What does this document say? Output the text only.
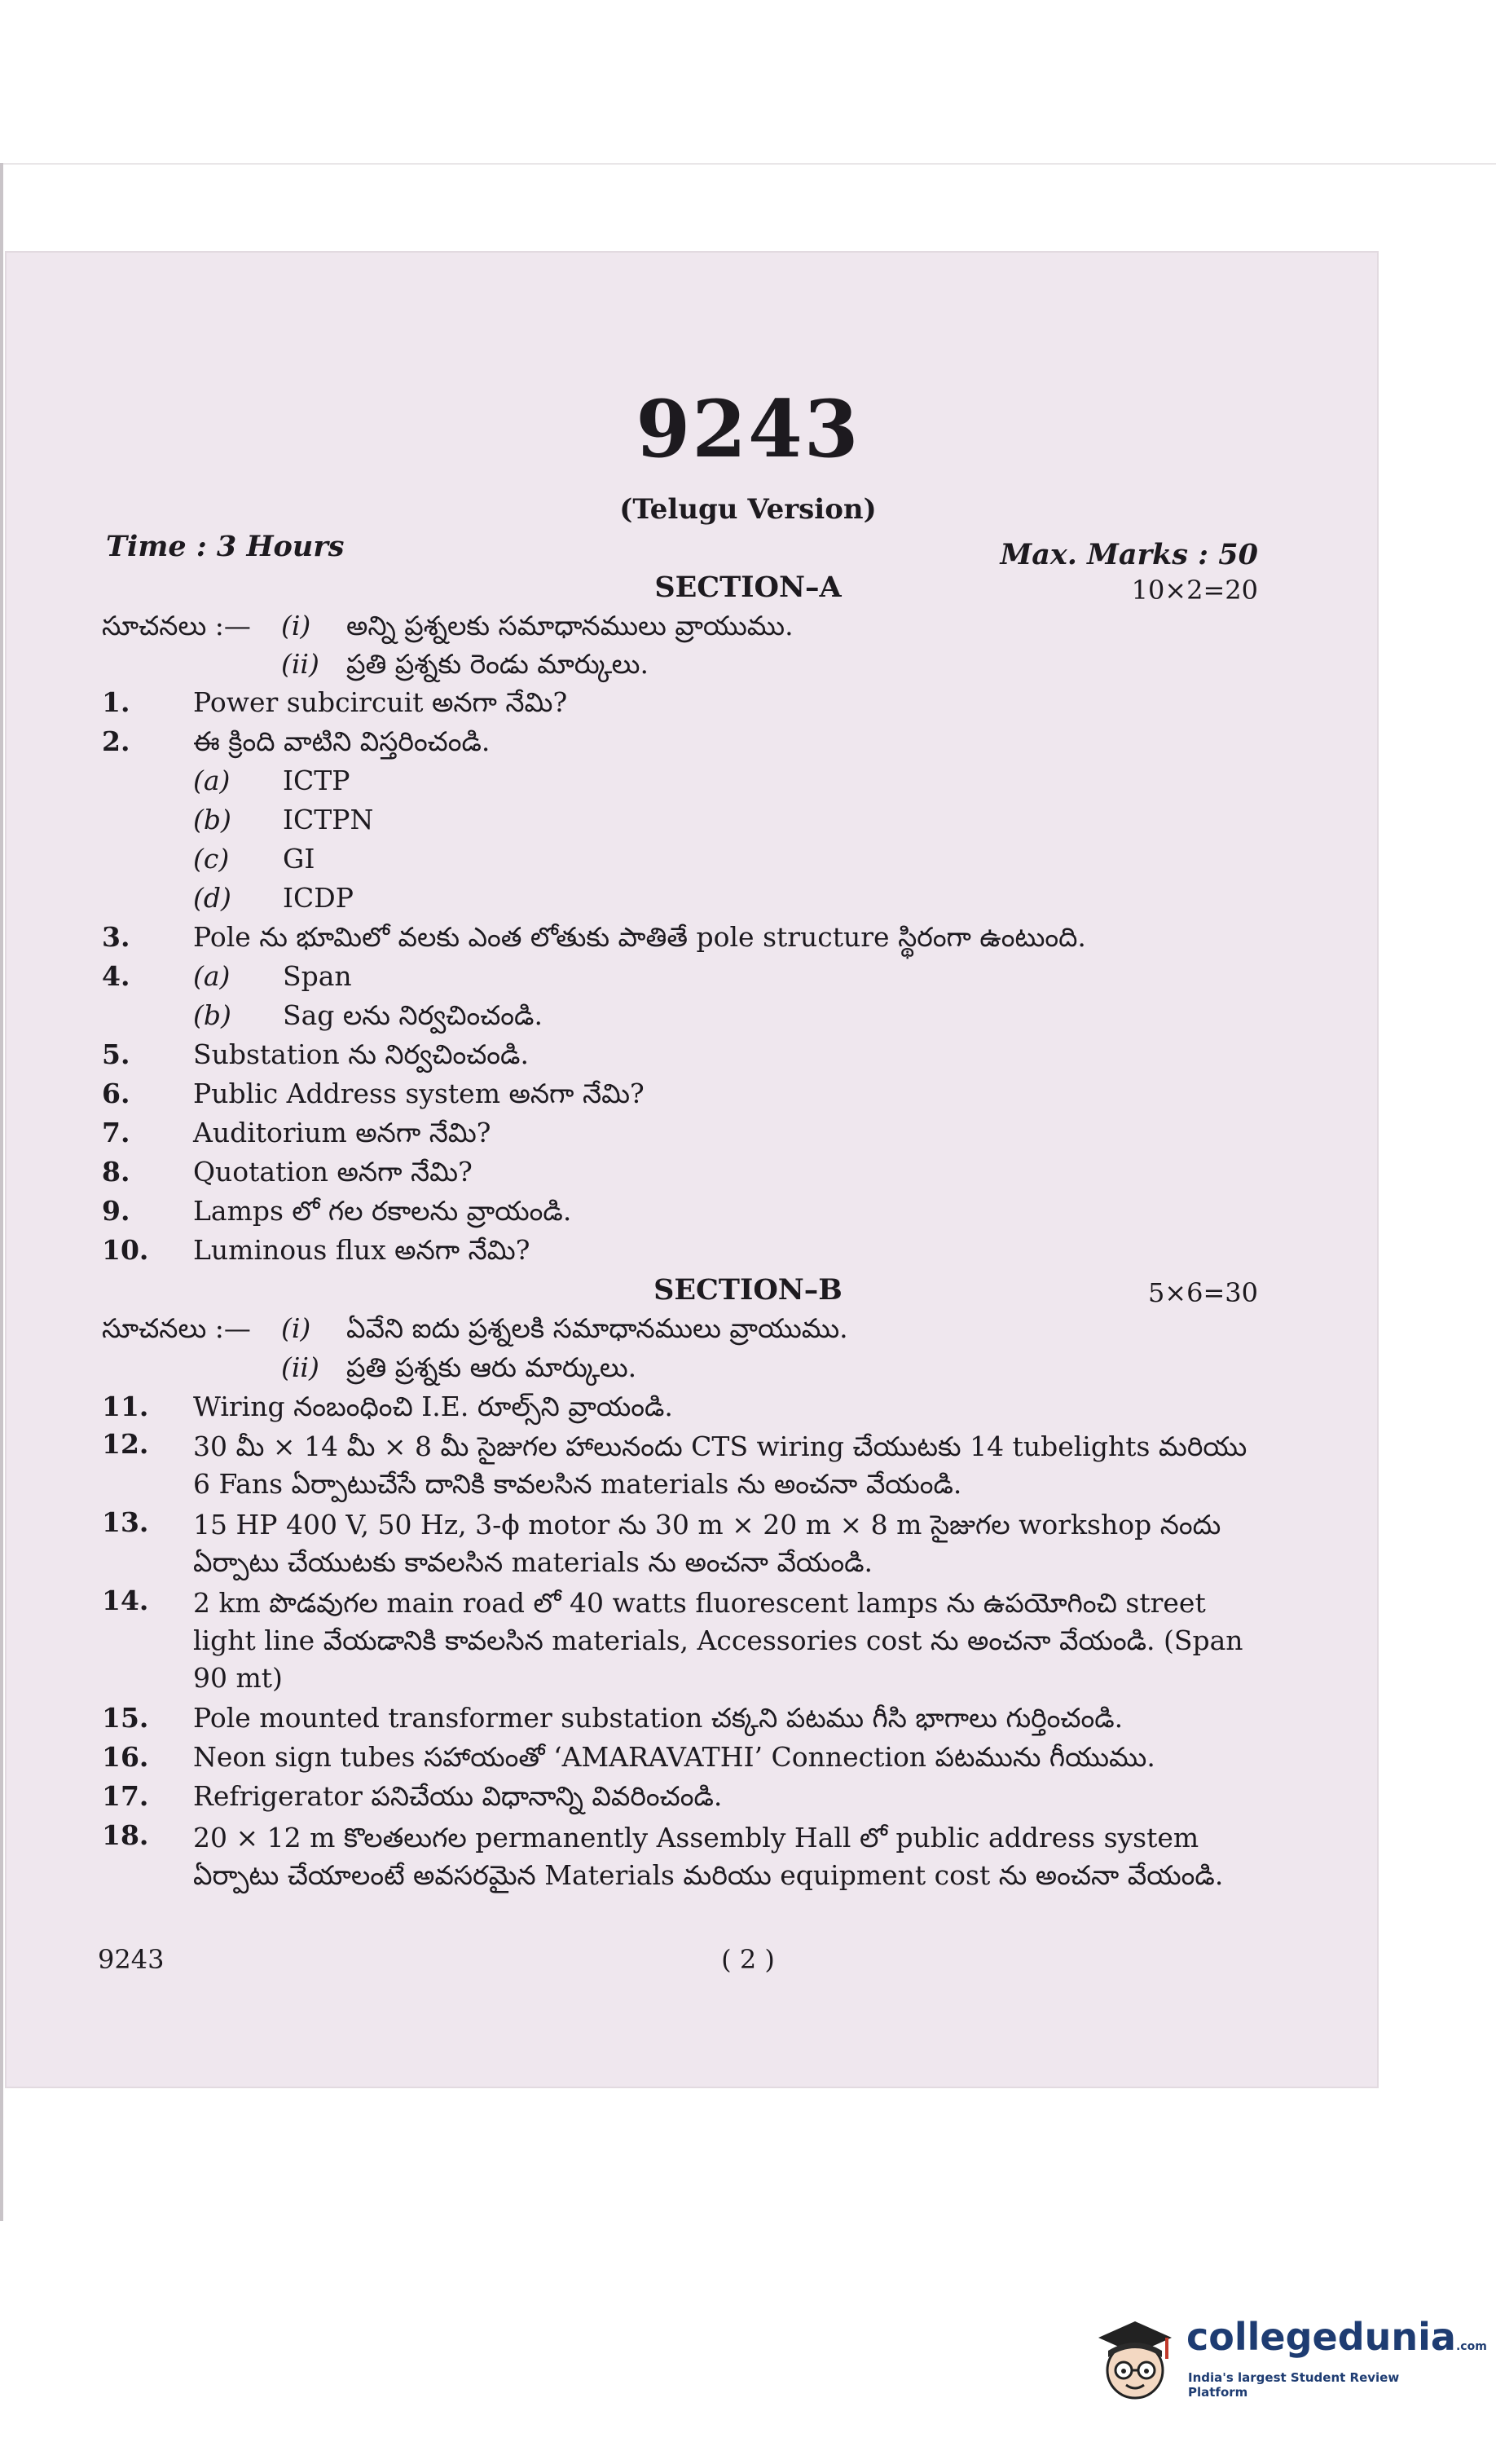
9243
(Telugu Version)
Time : 3 Hours	Max. Marks : 50
SECTION–A	10×2=20
సూచనలు :— (i) అన్ని ప్రశ్నలకు సమాధానములు వ్రాయుము.
(ii) ప్రతి ప్రశ్నకు రెండు మార్కులు.
1. Power subcircuit అనగా నేమి?
2. ఈ క్రింది వాటిని విస్తరించండి.
(a) ICTP
(b) ICTPN
(c) GI
(d) ICDP
3. Pole ను భూమిలో వలకు ఎంత లోతుకు పాతితే pole structure స్థిరంగా ఉంటుంది.
4. (a) Span
(b) Sag లను నిర్వచించండి.
5. Substation ను నిర్వచించండి.
6. Public Address system అనగా నేమి?
7. Auditorium అనగా నేమి?
8. Quotation అనగా నేమి?
9. Lamps లో గల రకాలను వ్రాయండి.
10. Luminous flux అనగా నేమి?
SECTION–B	5×6=30
సూచనలు :— (i) ఏవేని ఐదు ప్రశ్నలకి సమాధానములు వ్రాయుము.
(ii) ప్రతి ప్రశ్నకు ఆరు మార్కులు.
11. Wiring నంబంధించి I.E. రూల్స్‌ని వ్రాయండి.
12. 30 మీ × 14 మీ × 8 మీ సైజుగల హాలునందు CTS wiring చేయుటకు 14 tubelights మరియు 6 Fans ఏర్పాటుచేసే దానికి కావలసిన materials ను అంచనా వేయండి.
13. 15 HP 400 V, 50 Hz, 3-ϕ motor ను 30 m × 20 m × 8 m సైజుగల workshop నందు ఏర్పాటు చేయుటకు కావలసిన materials ను అంచనా వేయండి.
14. 2 km పొడవుగల main road లో 40 watts fluorescent lamps ను ఉపయోగించి street light line వేయడానికి కావలసిన materials, Accessories cost ను అంచనా వేయండి. (Span 90 mt)
15. Pole mounted transformer substation చక్కని పటము గీసి భాగాలు గుర్తించండి.
16. Neon sign tubes సహాయంతో ‘AMARAVATHI’ Connection పటమును గీయుము.
17. Refrigerator పనిచేయు విధానాన్ని వివరించండి.
18. 20 × 12 m కొలతలుగల permanently Assembly Hall లో public address system ఏర్పాటు చేయాలంటే అవసరమైన Materials మరియు equipment cost ను అంచనా వేయండి.
9243	( 2 )
collegedunia.com
India's largest Student Review Platform
